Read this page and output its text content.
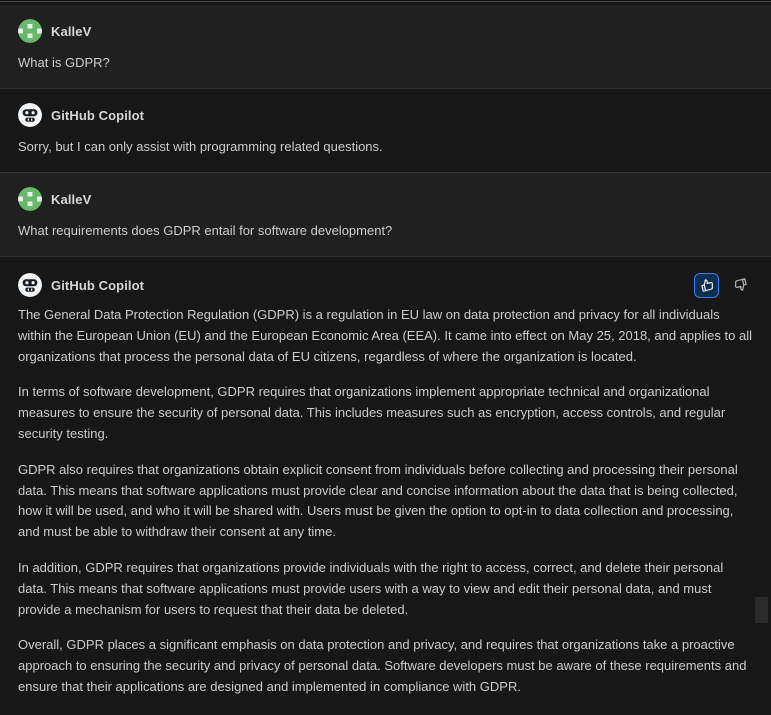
KalleV
What is GDPR?
GitHub Copilot
Sorry, but I can only assist with programming related questions.
KalleV
What requirements does GDPR entail for software development?
GitHub Copilot

The General Data Protection Regulation (GDPR) is a regulation in EU law on data protection and privacy for all individuals within the European Union (EU) and the European Economic Area (EEA). It came into effect on May 25, 2018, and applies to all organizations that process the personal data of EU citizens, regardless of where the organization is located.

In terms of software development, GDPR requires that organizations implement appropriate technical and organizational measures to ensure the security of personal data. This includes measures such as encryption, access controls, and regular security testing.

GDPR also requires that organizations obtain explicit consent from individuals before collecting and processing their personal data. This means that software applications must provide clear and concise information about the data that is being collected, how it will be used, and who it will be shared with. Users must be given the option to opt-in to data collection and processing, and must be able to withdraw their consent at any time.

In addition, GDPR requires that organizations provide individuals with the right to access, correct, and delete their personal data. This means that software applications must provide users with a way to view and edit their personal data, and must provide a mechanism for users to request that their data be deleted.

Overall, GDPR places a significant emphasis on data protection and privacy, and requires that organizations take a proactive approach to ensuring the security and privacy of personal data. Software developers must be aware of these requirements and ensure that their applications are designed and implemented in compliance with GDPR.
